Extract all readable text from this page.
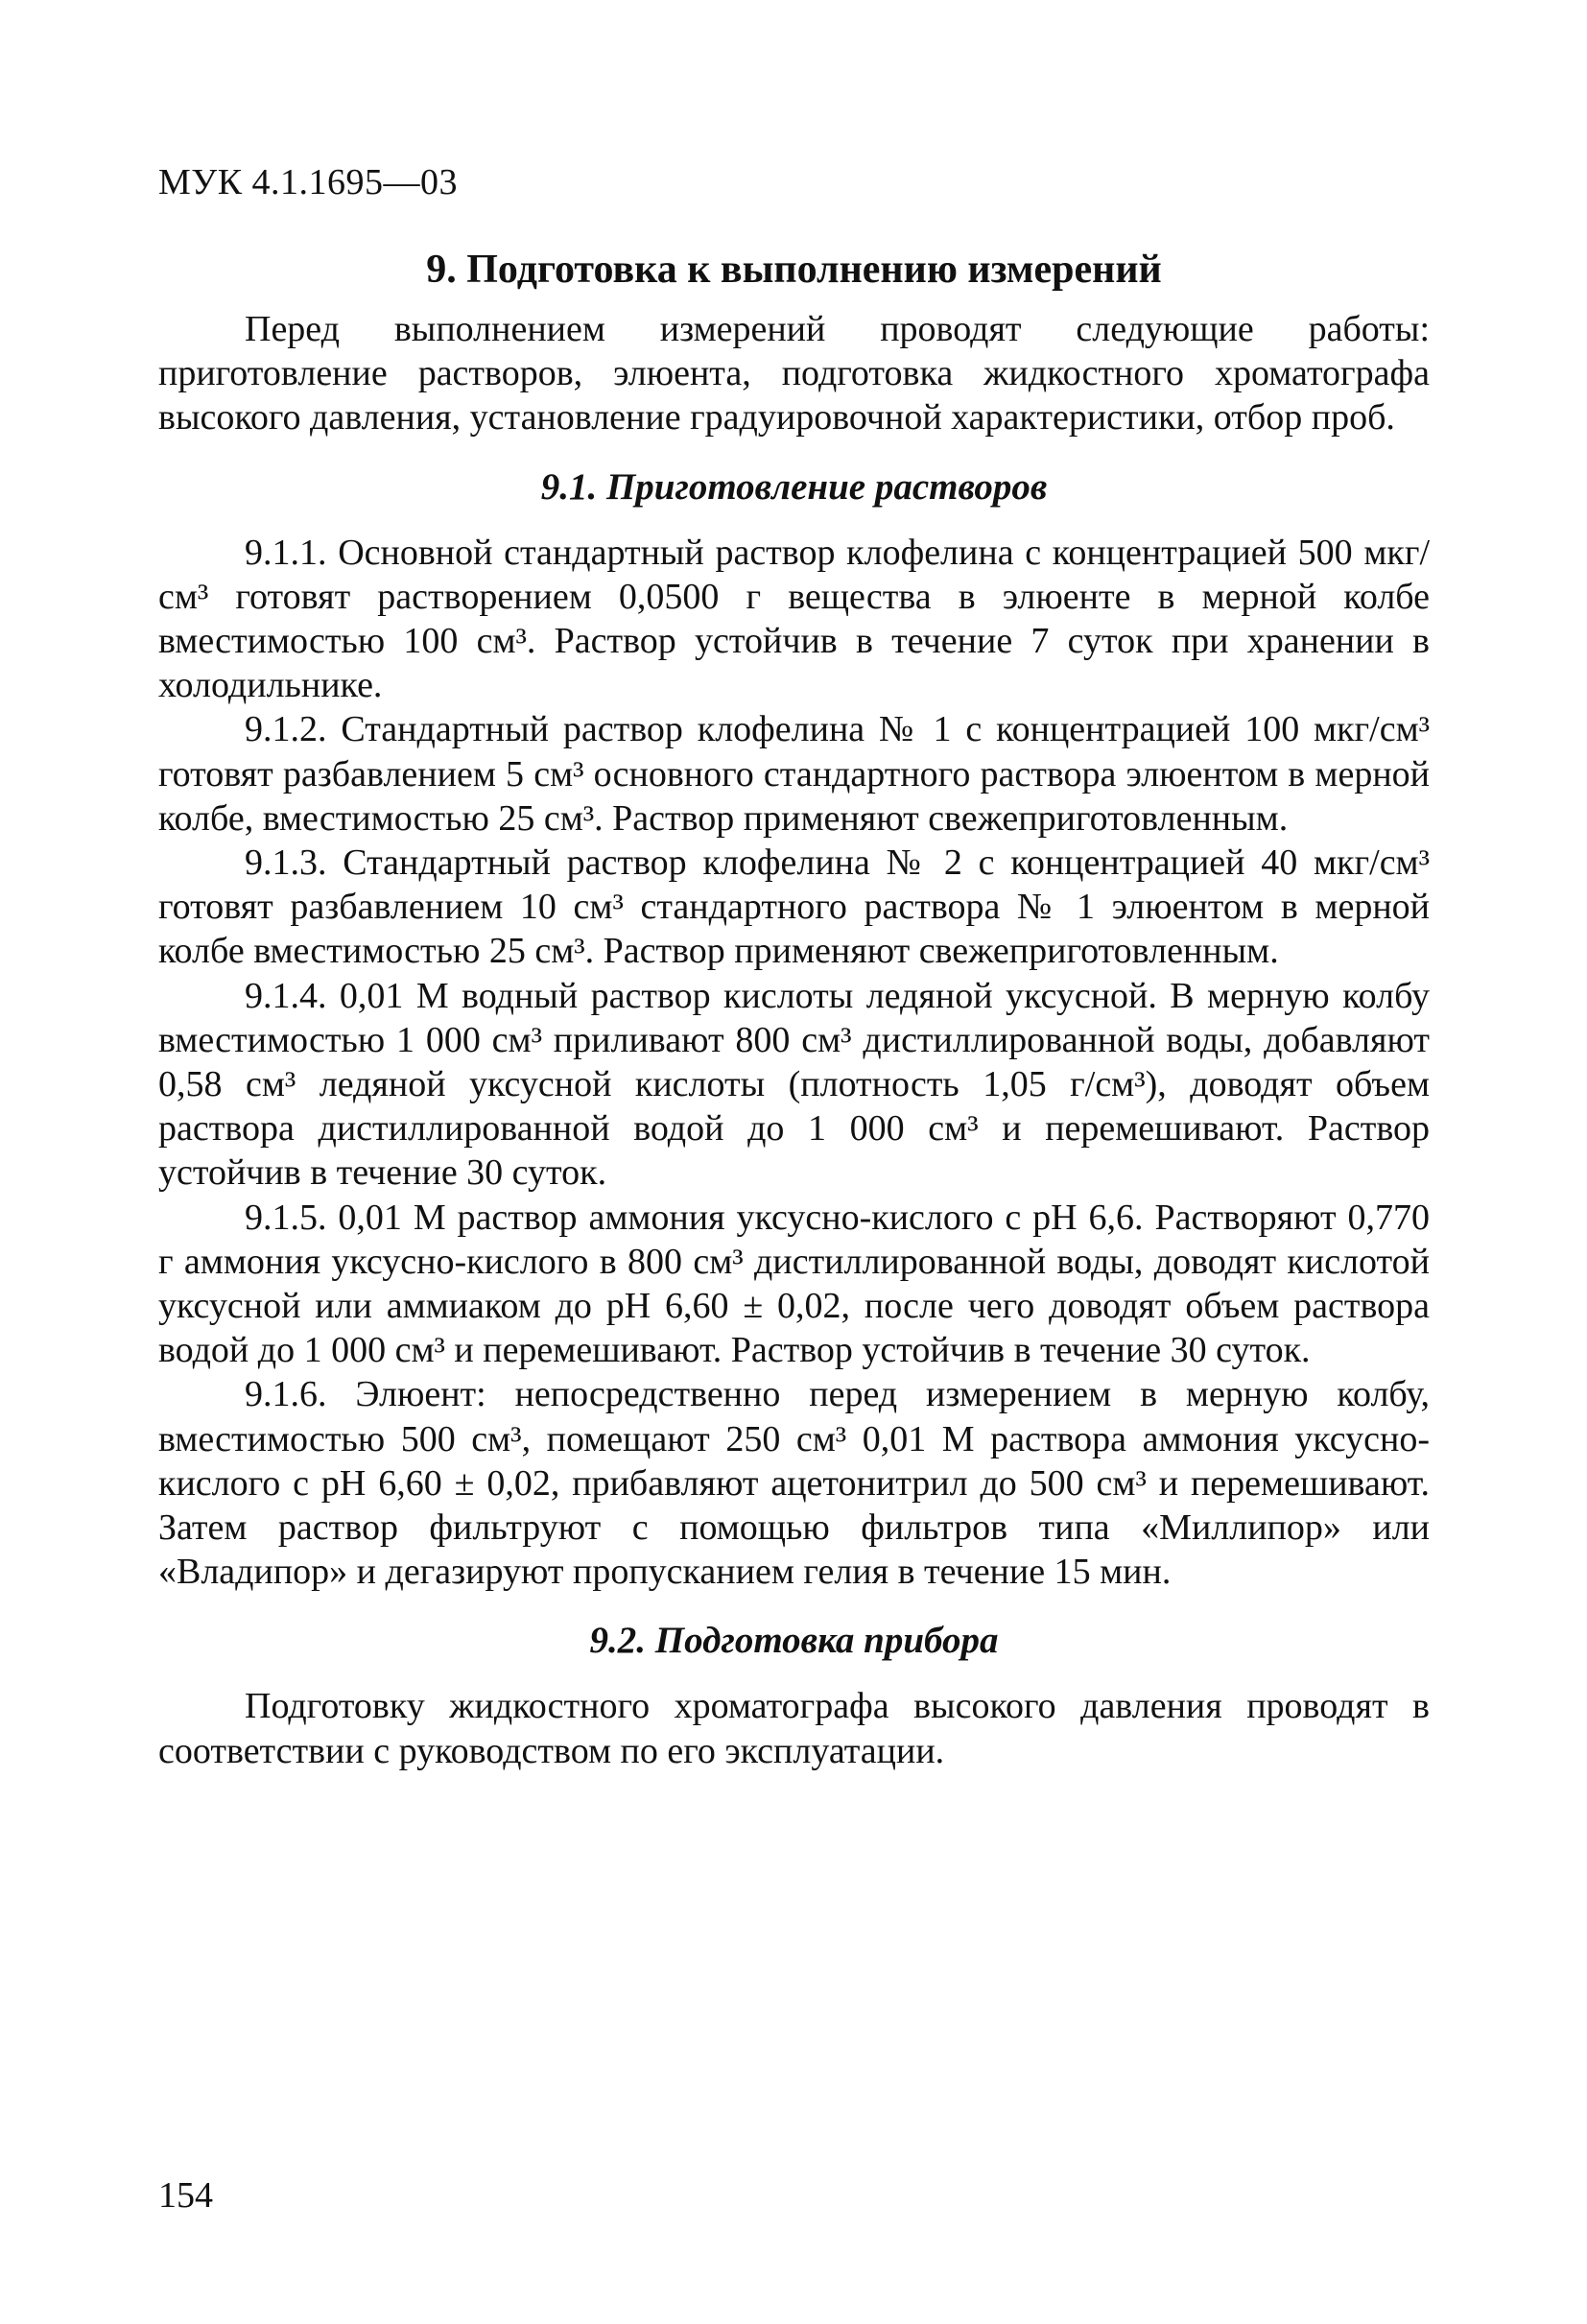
МУК 4.1.1695—03
9. Подготовка к выполнению измерений

Перед выполнением измерений проводят следующие работы: приготовление растворов, элюента, подготовка жидкостного хроматографа высокого давления, установление градуировочной характеристики, отбор проб.

9.1. Приготовление растворов

9.1.1. Основной стандартный раствор клофелина с концентрацией 500 мкг/см³ готовят растворением 0,0500 г вещества в элюенте в мерной колбе вместимостью 100 см³. Раствор устойчив в течение 7 суток при хранении в холодильнике.

9.1.2. Стандартный раствор клофелина № 1 с концентрацией 100 мкг/см³ готовят разбавлением 5 см³ основного стандартного раствора элюентом в мерной колбе, вместимостью 25 см³. Раствор применяют свежеприготовленным.

9.1.3. Стандартный раствор клофелина № 2 с концентрацией 40 мкг/см³ готовят разбавлением 10 см³ стандартного раствора № 1 элюентом в мерной колбе вместимостью 25 см³. Раствор применяют свежеприготовленным.

9.1.4. 0,01 М водный раствор кислоты ледяной уксусной. В мерную колбу вместимостью 1 000 см³ приливают 800 см³ дистиллированной воды, добавляют 0,58 см³ ледяной уксусной кислоты (плотность 1,05 г/см³), доводят объем раствора дистиллированной водой до 1 000 см³ и перемешивают. Раствор устойчив в течение 30 суток.

9.1.5. 0,01 М раствор аммония уксусно-кислого с рН 6,6. Растворяют 0,770 г аммония уксусно-кислого в 800 см³ дистиллированной воды, доводят кислотой уксусной или аммиаком до рН 6,60 ± 0,02, после чего доводят объем раствора водой до 1 000 см³ и перемешивают. Раствор устойчив в течение 30 суток.

9.1.6. Элюент: непосредственно перед измерением в мерную колбу, вместимостью 500 см³, помещают 250 см³ 0,01 М раствора аммония уксусно-кислого с рН 6,60 ± 0,02, прибавляют ацетонитрил до 500 см³ и перемешивают. Затем раствор фильтруют с помощью фильтров типа «Миллипор» или «Владипор» и дегазируют пропусканием гелия в течение 15 мин.

9.2. Подготовка прибора

Подготовку жидкостного хроматографа высокого давления проводят в соответствии с руководством по его эксплуатации.

154
